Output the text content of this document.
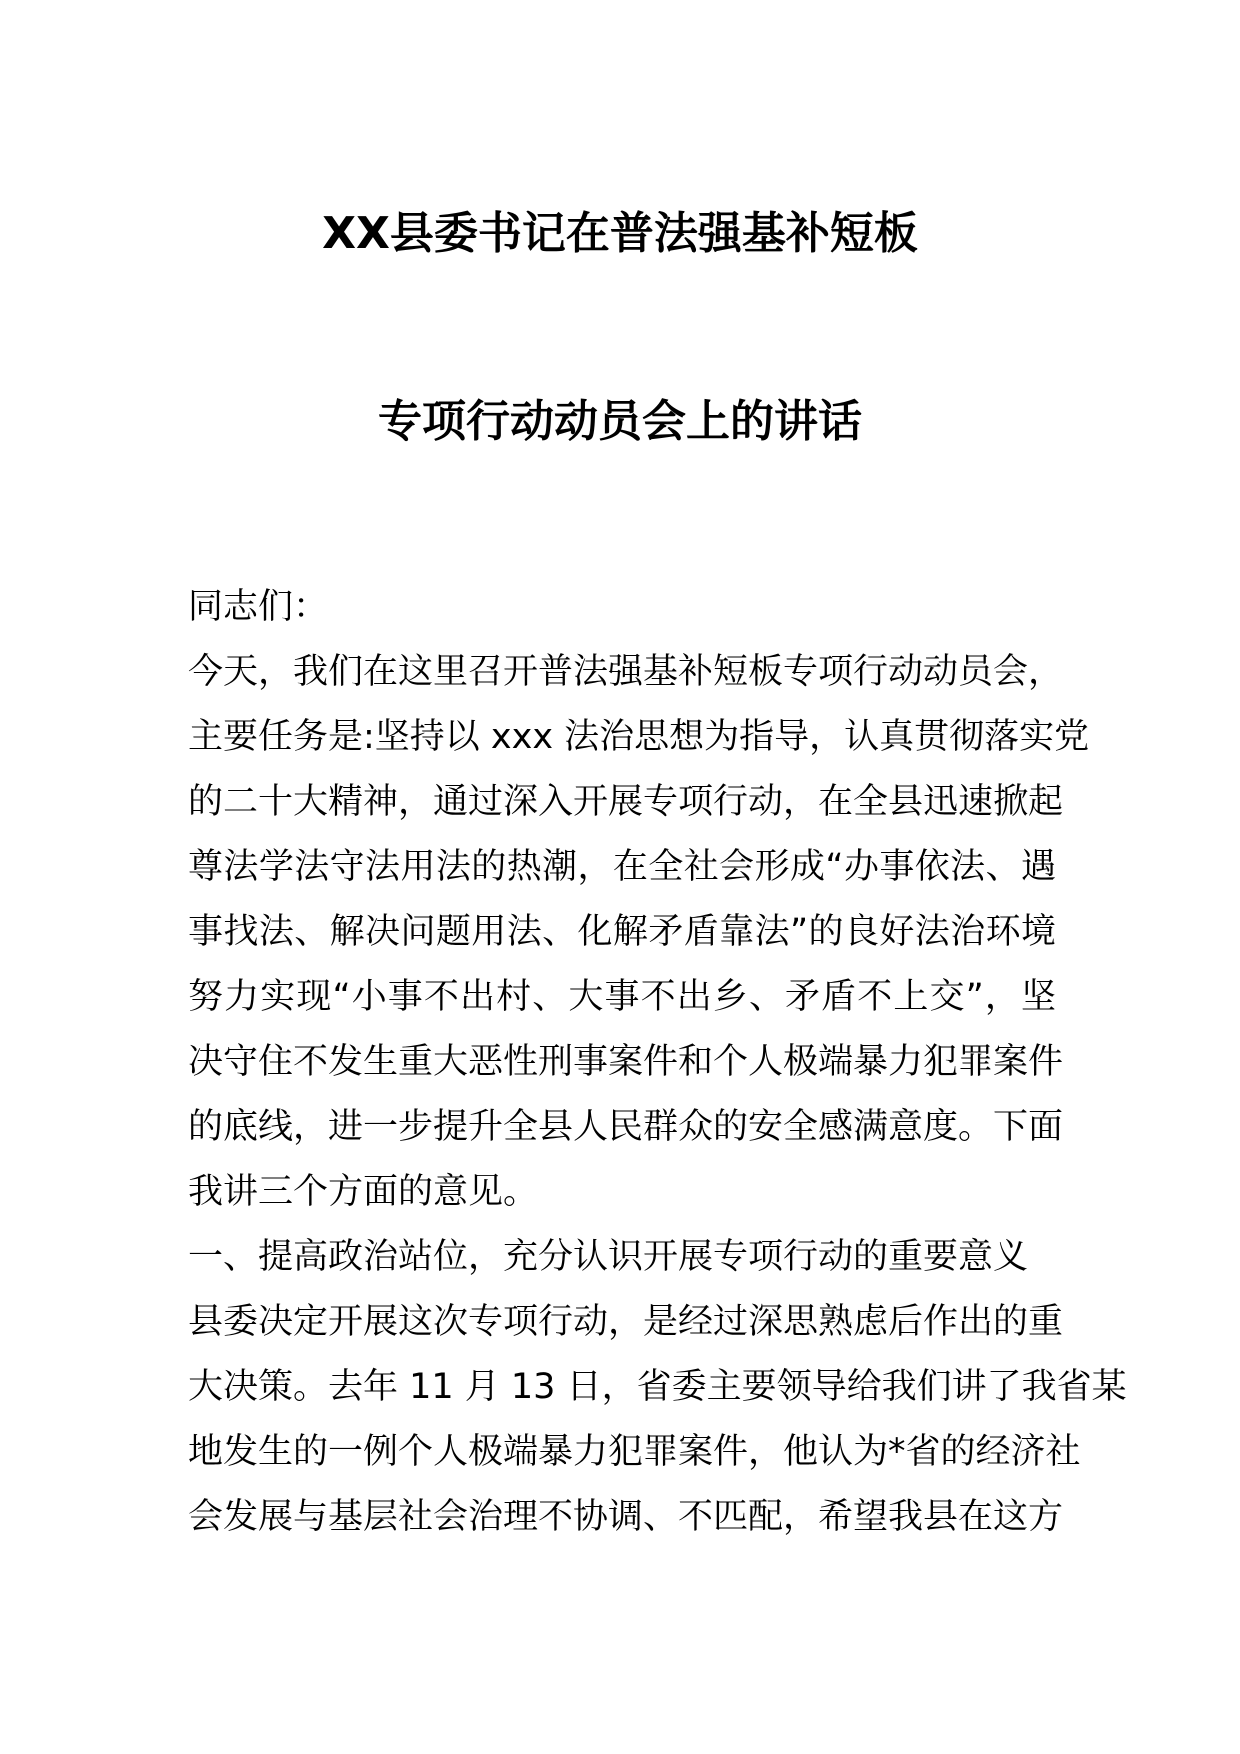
XX县委书记在普法强基补短板
专项行动动员会上的讲话
同志们：
今天，我们在这里召开普法强基补短板专项行动动员会，
主要任务是:坚持以 xxx 法治思想为指导，认真贯彻落实党
的二十大精神，通过深入开展专项行动，在全县迅速掀起
尊法学法守法用法的热潮，在全社会形成“办事依法、遇
事找法、解决问题用法、化解矛盾靠法”的良好法治环境
努力实现“小事不出村、大事不出乡、矛盾不上交”，坚
决守住不发生重大恶性刑事案件和个人极端暴力犯罪案件
的底线，进一步提升全县人民群众的安全感满意度。下面
我讲三个方面的意见。
一、提高政治站位，充分认识开展专项行动的重要意义
县委决定开展这次专项行动，是经过深思熟虑后作出的重
大决策。去年 11 月 13 日，省委主要领导给我们讲了我省某
地发生的一例个人极端暴力犯罪案件，他认为*省的经济社
会发展与基层社会治理不协调、不匹配，希望我县在这方
